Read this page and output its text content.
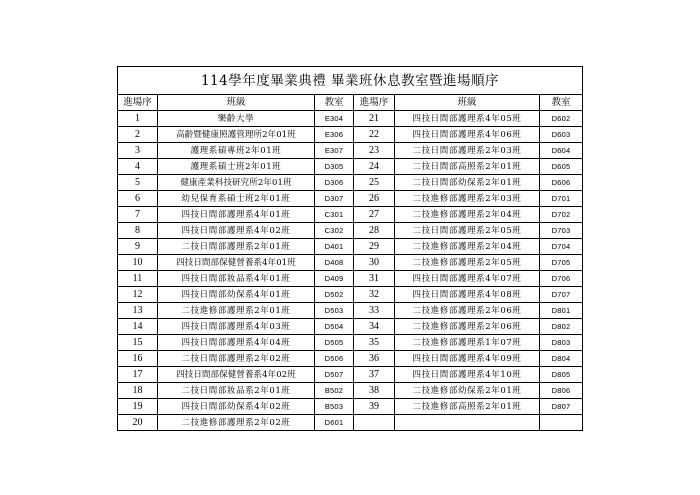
114學年度畢業典禮 畢業班休息教室暨進場順序					
進場序	班級	教室	進場序	班級	教室
1	樂齡大學	E304	21	四技日間部護理系4年05班	D602
2	高齡暨健康照護管理所2年01班	E306	22	四技日間部護理系4年06班	D603
3	護理系碩專班2年01班	E307	23	二技日間部護理系2年03班	D604
4	護理系碩士班2年01班	D305	24	二技日間部高照系2年01班	D605
5	健康產業科技研究所2年01班	D306	25	二技日間部幼保系2年01班	D606
6	幼兒保育系碩士班2年01班	D307	26	二技進修部護理系2年03班	D701
7	四技日間部護理系4年01班	C301	27	二技進修部護理系2年04班	D702
8	四技日間部護理系4年02班	C302	28	二技日間部護理系2年05班	D703
9	二技日間部護理系2年01班	D401	29	二技進修部護理系2年04班	D704
10	四技日間部保健營養系4年01班	D408	30	二技進修部護理系2年05班	D705
11	四技日間部妝品系4年01班	D409	31	四技日間部護理系4年07班	D706
12	四技日間部幼保系4年01班	D502	32	四技日間部護理系4年08班	D707
13	二技進修部護理系2年01班	D503	33	二技進修部護理系2年06班	D801
14	四技日間部護理系4年03班	D504	34	二技進修部護理系2年06班	D802
15	四技日間部護理系4年04班	D505	35	二技進修部護理系1年07班	D803
16	二技日間部護理系2年02班	D506	36	四技日間部護理系4年09班	D804
17	四技日間部保健營養系4年02班	D507	37	四技日間部護理系4年10班	D805
18	二技日間部妝品系2年01班	B502	38	二技進修部幼保系2年01班	D806
19	四技日間部幼保系4年02班	B503	39	二技進修部高照系2年01班	D807
20	二技進修部護理系2年02班	D601			
